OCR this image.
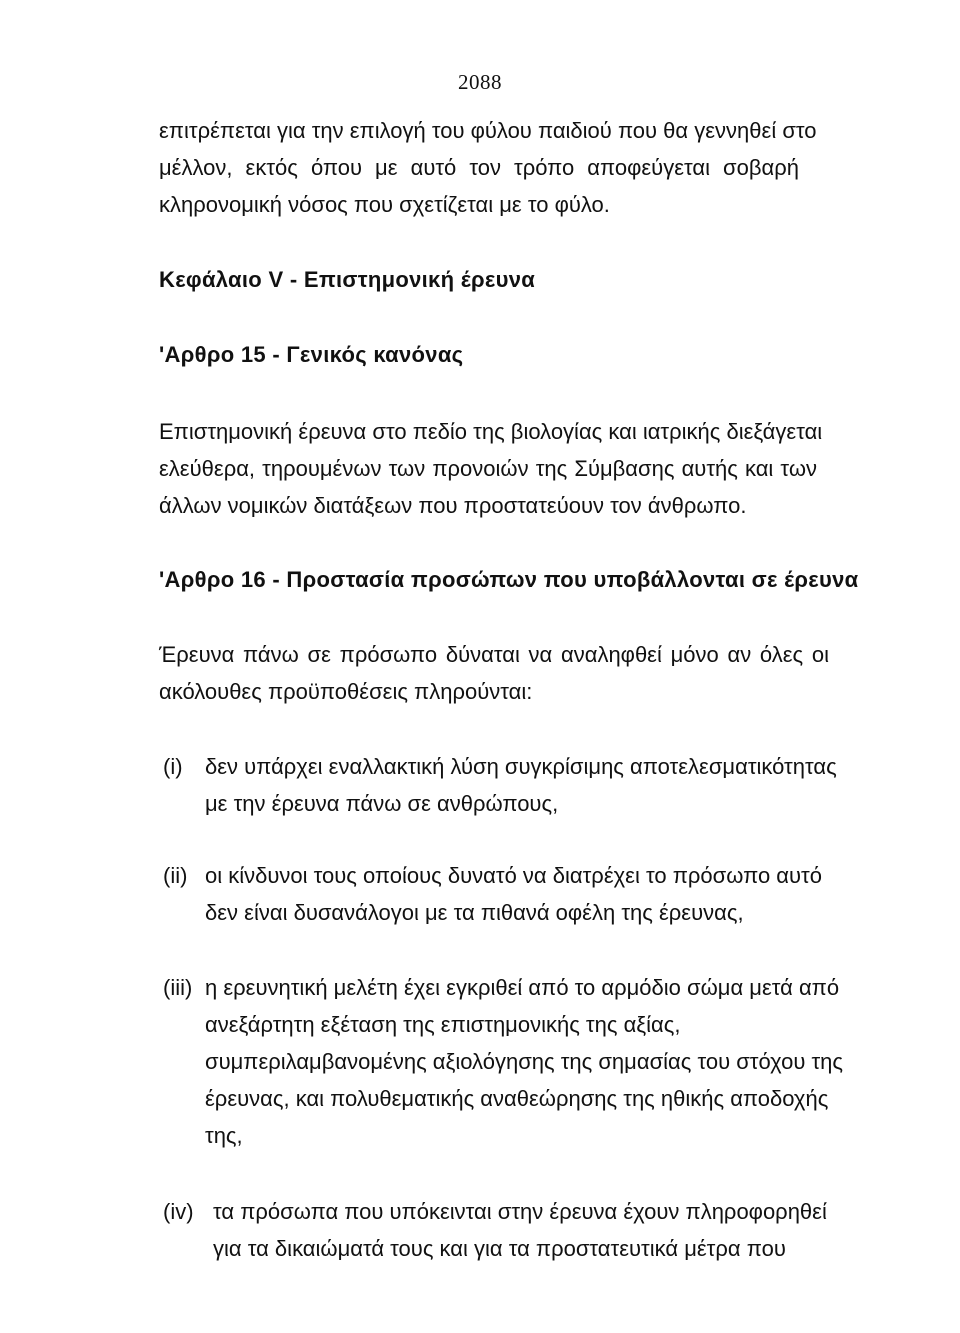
2088
επιτρέπεται για την επιλογή του φύλου παιδιού που θα γεννηθεί στο
μέλλον, εκτός όπου με αυτό τον τρόπο αποφεύγεται σοβαρή
κληρονομική νόσος που σχετίζεται με το φύλο.
Κεφάλαιο V - Επιστημονική έρευνα
'Αρθρο 15 - Γενικός κανόνας
Επιστημονική έρευνα στο πεδίο της βιολογίας και ιατρικής διεξάγεται
ελεύθερα, τηρουμένων των προνοιών της Σύμβασης αυτής και των
άλλων νομικών διατάξεων που προστατεύουν τον άνθρωπο.
'Αρθρο 16 - Προστασία προσώπων που υποβάλλονται σε έρευνα
Έρευνα πάνω σε πρόσωπο δύναται να αναληφθεί μόνο αν όλες οι
ακόλουθες προϋποθέσεις πληρούνται:
(i) δεν υπάρχει εναλλακτική λύση συγκρίσιμης αποτελεσματικότητας
με την έρευνα πάνω σε ανθρώπους,
(ii) οι κίνδυνοι τους οποίους δυνατό να διατρέχει το πρόσωπο αυτό
δεν είναι δυσανάλογοι με τα πιθανά οφέλη της έρευνας,
(iii) η ερευνητική μελέτη έχει εγκριθεί από το αρμόδιο σώμα μετά από
ανεξάρτητη εξέταση της επιστημονικής της αξίας,
συμπεριλαμβανομένης αξιολόγησης της σημασίας του στόχου της
έρευνας, και πολυθεματικής αναθεώρησης της ηθικής αποδοχής
της,
(iv) τα πρόσωπα που υπόκεινται στην έρευνα έχουν πληροφορηθεί
για τα δικαιώματά τους και για τα προστατευτικά μέτρα που
